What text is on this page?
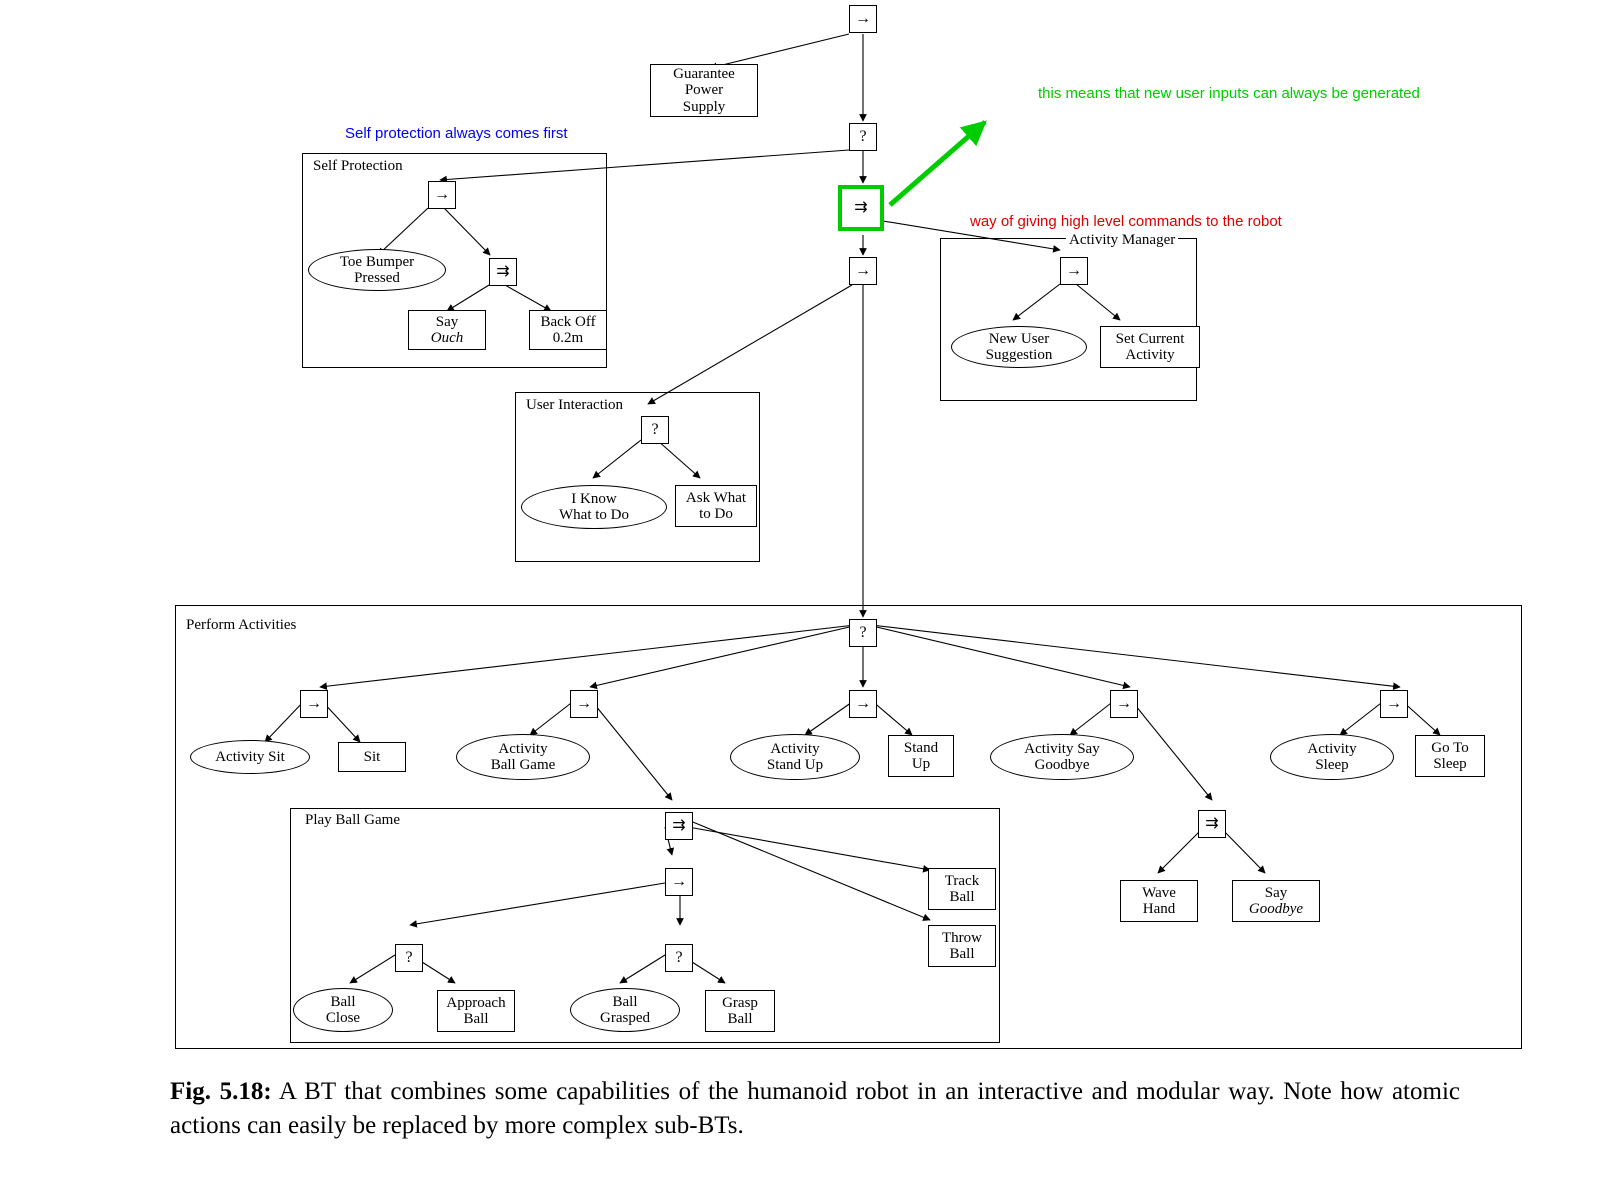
Self protection always comes first
this means that new user inputs can always be generated
way of giving high level commands to the robot
Self Protection
Activity Manager
User Interaction
Perform Activities
Play Ball Game
→
Guarantee
Power
Supply
?
⇉
→
→
Toe Bumper
Pressed	⇉
Say
Ouch
Back Off
0.2m
→
New User
Suggestion
Set Current
Activity
?
I Know
What to Do
Ask What
to Do
?
→
Activity Sit	Sit
→
Activity
Ball Game
→
Activity
Stand Up
Stand
Up
→
Activity Say
Goodbye
→
Activity
Sleep
Go To
Sleep
⇉
Wave
Hand
Say
Goodbye
⇉
→	Track
Ball
Throw
Ball
?
Ball
Close
Approach
Ball
?
Ball
Grasped
Grasp
Ball
Fig. 5.18: A BT that combines some capabilities of the humanoid robot in an interactive and modular way. Note how atomic actions can easily be replaced by more complex sub-BTs.
